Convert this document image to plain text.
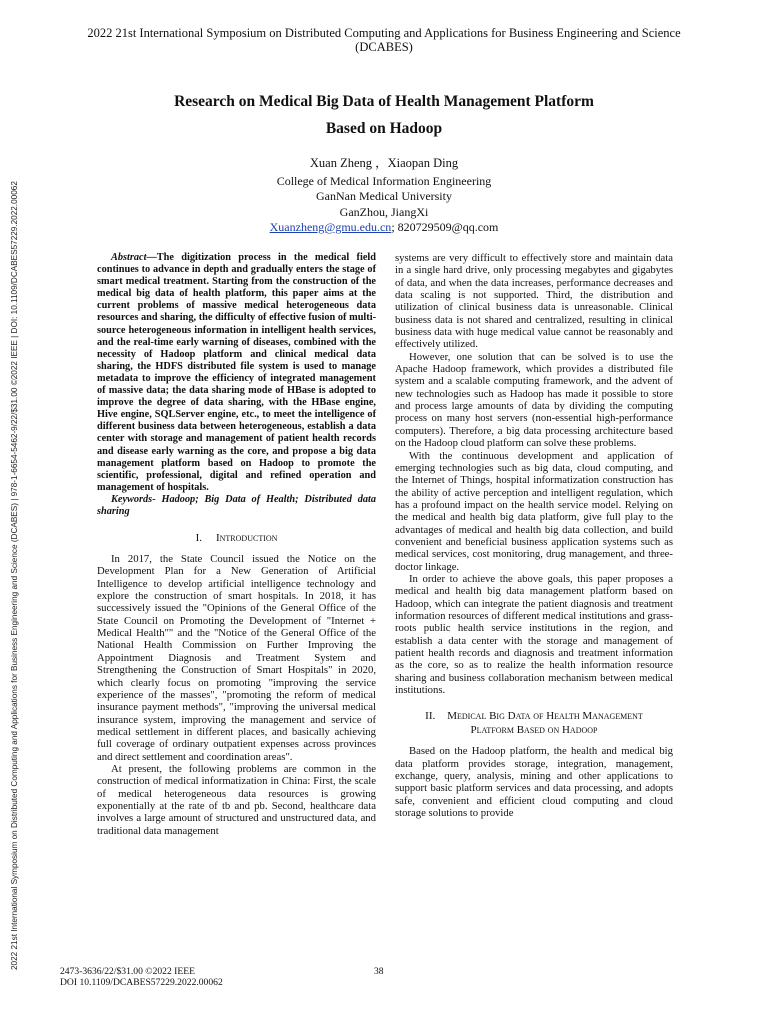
2022 21st International Symposium on Distributed Computing and Applications for Business Engineering and Science (DCABES) | 978-1-6654-5462-9/22/$31.00 ©2022 IEEE | DOI: 10.1109/DCABES57229.2022.00062
2022 21st International Symposium on Distributed Computing and Applications for Business Engineering and Science
(DCABES)
Research on Medical Big Data of Health Management Platform
Based on Hadoop
Xuan Zheng ，Xiaopan Ding
College of Medical Information Engineering
GanNan Medical University
GanZhou, JiangXi
Xuanzheng@gmu.edu.cn; 820729509@qq.com

Abstract—The digitization process in the medical field continues to advance in depth and gradually enters the stage of smart medical treatment. Starting from the construction of the medical big data of health platform, this paper aims at the current problems of massive medical heterogeneous data resources and sharing, the difficulty of effective fusion of multi-source heterogeneous information in intelligent health services, and the real-time early warning of diseases, combined with the necessity of Hadoop platform and clinical medical data sharing, the HDFS distributed file system is used to manage metadata to improve the efficiency of integrated management of massive data; the data sharing mode of HBase is adopted to improve the degree of data sharing, with the HBase engine, Hive engine, SQLServer engine, etc., to meet the intelligence of different business data between heterogeneous, establish a data center with storage and management of patient health records and disease early warning as the core, and propose a big data management platform based on Hadoop to promote the scientific, professional, digital and refined operation and management of hospitals.

Keywords- Hadoop; Big Data of Health; Distributed data sharing

I. Introduction

In 2017, the State Council issued the Notice on the Development Plan for a New Generation of Artificial Intelligence to develop artificial intelligence technology and explore the construction of smart hospitals. In 2018, it has successively issued the "Opinions of the General Office of the State Council on Promoting the Development of "Internet + Medical Health"" and the "Notice of the General Office of the National Health Commission on Further Improving the Appointment Diagnosis and Treatment System and Strengthening the Construction of Smart Hospitals" in 2020, which clearly focus on promoting "improving the service experience of the masses", "promoting the reform of medical insurance payment methods", "improving the universal medical insurance system, improving the management and service of medical settlement in different places, and basically achieving full coverage of ordinary outpatient expenses across provinces and direct settlement and coordination areas".

At present, the following problems are common in the construction of medical informatization in China: First, the scale of medical heterogeneous data resources is growing exponentially at the rate of tb and pb. Second, healthcare data involves a large amount of structured and unstructured data, and traditional data management

systems are very difficult to effectively store and maintain data in a single hard drive, only processing megabytes and gigabytes of data, and when the data increases, performance decreases and data scaling is not supported. Third, the distribution and utilization of clinical business data is unreasonable. Clinical business data is not shared and centralized, resulting in clinical business data with huge medical value cannot be reasonably and effectively utilized.

However, one solution that can be solved is to use the Apache Hadoop framework, which provides a distributed file system and a scalable computing framework, and the advent of new technologies such as Hadoop has made it possible to store and process large amounts of data by dividing the computing process on many host servers (non-essential high-performance computers). Therefore, a big data processing architecture based on the Hadoop cloud platform can solve these problems.

With the continuous development and application of emerging technologies such as big data, cloud computing, and the Internet of Things, hospital informatization construction has the ability of active perception and intelligent regulation, which has a profound impact on the health service model. Relying on the medical and health big data platform, give full play to the advantages of medical and health big data collection, and build convenient and beneficial business application systems such as medical services, cost monitoring, drug management, and three-doctor linkage.

In order to achieve the above goals, this paper proposes a medical and health big data management platform based on Hadoop, which can integrate the patient diagnosis and treatment information resources of different medical institutions and grass-roots public health service institutions in the region, and establish a data center with the storage and management of patient health records and diagnosis and treatment information as the core, so as to realize the health information resource sharing and business collaboration mechanism between medical institutions.

II. Medical Big Data of Health Management
Platform Based on Hadoop

Based on the Hadoop platform, the health and medical big data platform provides storage, integration, management, exchange, query, analysis, mining and other applications to support basic platform services and data processing, and adopts safe, convenient and efficient cloud computing and cloud storage solutions to provide

2473-3636/22/$31.00 ©2022 IEEE
DOI 10.1109/DCABES57229.2022.00062
38
